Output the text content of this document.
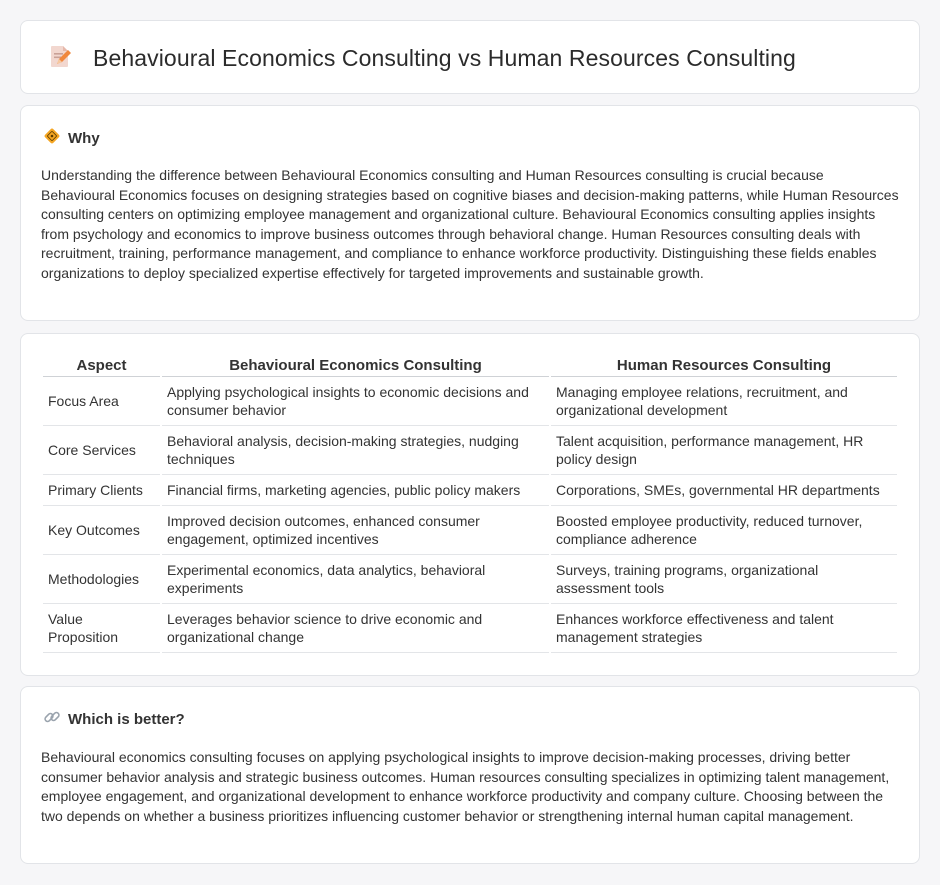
Behavioural Economics Consulting vs Human Resources Consulting
Why

Understanding the difference between Behavioural Economics consulting and Human Resources consulting is crucial because Behavioural Economics focuses on designing strategies based on cognitive biases and decision-making patterns, while Human Resources consulting centers on optimizing employee management and organizational culture. Behavioural Economics consulting applies insights from psychology and economics to improve business outcomes through behavioral change. Human Resources consulting deals with recruitment, training, performance management, and compliance to enhance workforce productivity. Distinguishing these fields enables organizations to deploy specialized expertise effectively for targeted improvements and sustainable growth.

Aspect	Behavioural Economics Consulting	Human Resources Consulting
Focus Area	Applying psychological insights to economic decisions and consumer behavior	Managing employee relations, recruitment, and organizational development
Core Services	Behavioral analysis, decision-making strategies, nudging techniques	Talent acquisition, performance management, HR policy design
Primary Clients	Financial firms, marketing agencies, public policy makers	Corporations, SMEs, governmental HR departments
Key Outcomes	Improved decision outcomes, enhanced consumer engagement, optimized incentives	Boosted employee productivity, reduced turnover, compliance adherence
Methodologies	Experimental economics, data analytics, behavioral experiments	Surveys, training programs, organizational assessment tools
Value Proposition	Leverages behavior science to drive economic and organizational change	Enhances workforce effectiveness and talent management strategies
Which is better?

Behavioural economics consulting focuses on applying psychological insights to improve decision-making processes, driving better consumer behavior analysis and strategic business outcomes. Human resources consulting specializes in optimizing talent management, employee engagement, and organizational development to enhance workforce productivity and company culture. Choosing between the two depends on whether a business prioritizes influencing customer behavior or strengthening internal human capital management.
